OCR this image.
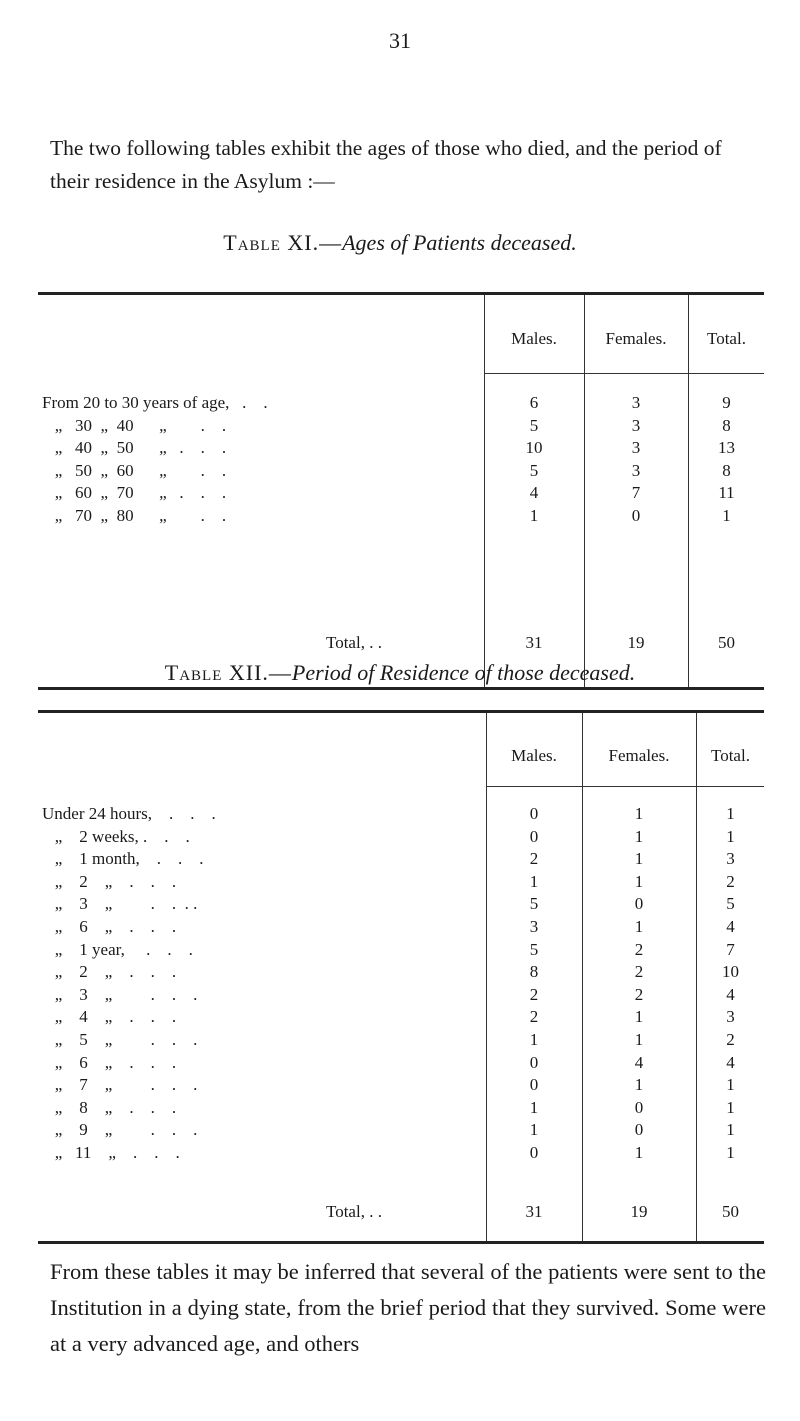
31

The two following tables exhibit the ages of those who died, and the period of their residence in the Asylum :—

Table XI.—Ages of Patients deceased.
Males.	Females.	Total.
From 20 to 30 years of age,   .    .	6	3	9
„   30  „  40      „        .    .	5	3	8
„   40  „  50      „   .    .    .	10	3	13
„   50  „  60      „        .    .	5	3	8
„   60  „  70      „   .    .    .	4	7	11
„   70  „  80      „        .    .	1	0	1
Total, . .	31	19	50
Table XII.—Period of Residence of those deceased.
Males.	Females.	Total.
Under 24 hours,    .    .    .	0	1	1
„    2 weeks, .    .    .	0	1	1
„    1 month,    .    .    .	2	1	3
„    2    „    .    .    .	1	1	2
„    3    „         .    .  . .	5	0	5
„    6    „    .    .    .	3	1	4
„    1 year,     .    .    .	5	2	7
„    2    „    .    .    .	8	2	10
„    3    „         .    .    .	2	2	4
„    4    „    .    .    .	2	1	3
„    5    „         .    .    .	1	1	2
„    6    „    .    .    .	0	4	4
„    7    „         .    .    .	0	1	1
„    8    „    .    .    .	1	0	1
„    9    „         .    .    .	1	0	1
„   11    „    .    .    .	0	1	1
Total, . .	31	19	50

From these tables it may be inferred that several of the patients were sent to the Institution in a dying state, from the brief period that they survived. Some were at a very advanced age, and others
